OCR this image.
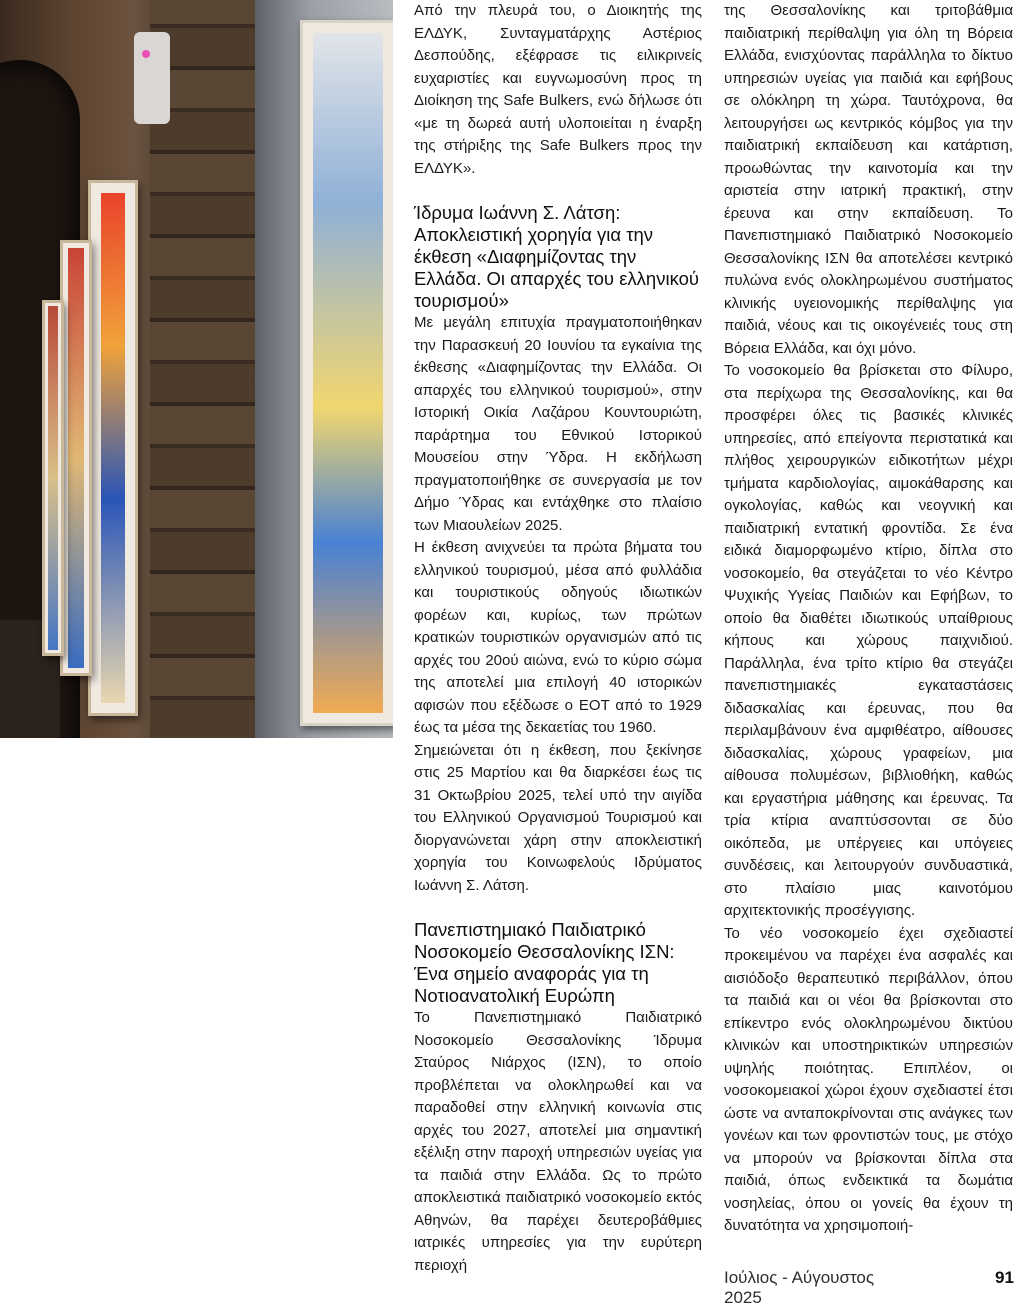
Από την πλευρά του, ο Διοικητής της ΕΛΔΥΚ, Συνταγματάρχης Αστέριος Δεσπούδης, εξέφρασε τις ειλικρινείς ευχαριστίες και ευγνωμοσύνη προς τη Διοίκηση της Safe Bulkers, ενώ δήλωσε ότι «με τη δωρεά αυτή υλοποιείται η έναρξη της στήριξης της Safe Bulkers προς την ΕΛΔΥΚ».

Ίδρυμα Ιωάννη Σ. Λάτση: Αποκλειστική χορηγία για την έκθεση «Διαφημίζοντας την Ελλάδα. Οι απαρχές του ελληνικού τουρισμού»

Με μεγάλη επιτυχία πραγματοποιήθηκαν την Παρασκευή 20 Ιουνίου τα εγκαίνια της έκθεσης «Διαφημίζοντας την Ελλάδα. Οι απαρχές του ελληνικού τουρισμού», στην Ιστορική Οικία Λαζάρου Κουντουριώτη, παράρτημα του Εθνικού Ιστορικού Μουσείου στην Ύδρα. Η εκδήλωση πραγματοποιήθηκε σε συνεργασία με τον Δήμο Ύδρας και εντάχθηκε στο πλαίσιο των Μιαουλείων 2025.

Η έκθεση ανιχνεύει τα πρώτα βήματα του ελληνικού τουρισμού, μέσα από φυλλάδια και τουριστικούς οδηγούς ιδιωτικών φορέων και, κυρίως, των πρώτων κρατικών τουριστικών οργανισμών από τις αρχές του 20ού αιώνα, ενώ το κύριο σώμα της αποτελεί μια επιλογή 40 ιστορικών αφισών που εξέδωσε ο ΕΟΤ από το 1929 έως τα μέσα της δεκαετίας του 1960.

Σημειώνεται ότι η έκθεση, που ξεκίνησε στις 25 Μαρτίου και θα διαρκέσει έως τις 31 Οκτωβρίου 2025, τελεί υπό την αιγίδα του Ελληνικού Οργανισμού Τουρισμού και διοργανώνεται χάρη στην αποκλειστική χορηγία του Κοινωφελούς Ιδρύματος Ιωάννη Σ. Λάτση.

Πανεπιστημιακό Παιδιατρικό Νοσοκομείο Θεσσαλονίκης ΙΣΝ: Ένα σημείο αναφοράς για τη Νοτιοανατολική Ευρώπη

Το Πανεπιστημιακό Παιδιατρικό Νοσοκομείο Θεσσαλονίκης Ίδρυμα Σταύρος Νιάρχος (ΙΣΝ), το οποίο προβλέπεται να ολοκληρωθεί και να παραδοθεί στην ελληνική κοινωνία στις αρχές του 2027, αποτελεί μια σημαντική εξέλιξη στην παροχή υπηρεσιών υγείας για τα παιδιά στην Ελλάδα. Ως το πρώτο αποκλειστικά παιδιατρικό νοσοκομείο εκτός Αθηνών, θα παρέχει δευτεροβάθμιες ιατρικές υπηρεσίες για την ευρύτερη περιοχή

της Θεσσαλονίκης και τριτοβάθμια παιδιατρική περίθαλψη για όλη τη Βόρεια Ελλάδα, ενισχύοντας παράλληλα το δίκτυο υπηρεσιών υγείας για παιδιά και εφήβους σε ολόκληρη τη χώρα. Ταυτόχρονα, θα λειτουργήσει ως κεντρικός κόμβος για την παιδιατρική εκπαίδευση και κατάρτιση, προωθώντας την καινοτομία και την αριστεία στην ιατρική πρακτική, στην έρευνα και στην εκπαίδευση. Το Πανεπιστημιακό Παιδιατρικό Νοσοκομείο Θεσσαλονίκης ΙΣΝ θα αποτελέσει κεντρικό πυλώνα ενός ολοκληρωμένου συστήματος κλινικής υγειονομικής περίθαλψης για παιδιά, νέους και τις οικογένειές τους στη Βόρεια Ελλάδα, και όχι μόνο.

Το νοσοκομείο θα βρίσκεται στο Φίλυρο, στα περίχωρα της Θεσσαλονίκης, και θα προσφέρει όλες τις βασικές κλινικές υπηρεσίες, από επείγοντα περιστατικά και πλήθος χειρουργικών ειδικοτήτων μέχρι τμήματα καρδιολογίας, αιμοκάθαρσης και ογκολογίας, καθώς και νεογνική και παιδιατρική εντατική φροντίδα. Σε ένα ειδικά διαμορφωμένο κτίριο, δίπλα στο νοσοκομείο, θα στεγάζεται το νέο Κέντρο Ψυχικής Υγείας Παιδιών και Εφήβων, το οποίο θα διαθέτει ιδιωτικούς υπαίθριους κήπους και χώρους παιχνιδιού. Παράλληλα, ένα τρίτο κτίριο θα στεγάζει πανεπιστημιακές εγκαταστάσεις διδασκαλίας και έρευνας, που θα περιλαμβάνουν ένα αμφιθέατρο, αίθουσες διδασκαλίας, χώρους γραφείων, μια αίθουσα πολυμέσων, βιβλιοθήκη, καθώς και εργαστήρια μάθησης και έρευνας. Τα τρία κτίρια αναπτύσσονται σε δύο οικόπεδα, με υπέργειες και υπόγειες συνδέσεις, και λειτουργούν συνδυαστικά, στο πλαίσιο μιας καινοτόμου αρχιτεκτονικής προσέγγισης.

Το νέο νοσοκομείο έχει σχεδιαστεί προκειμένου να παρέχει ένα ασφαλές και αισιόδοξο θεραπευτικό περιβάλλον, όπου τα παιδιά και οι νέοι θα βρίσκονται στο επίκεντρο ενός ολοκληρωμένου δικτύου κλινικών και υποστηρικτικών υπηρεσιών υψηλής ποιότητας. Επιπλέον, οι νοσοκομειακοί χώροι έχουν σχεδιαστεί έτσι ώστε να ανταποκρίνονται στις ανάγκες των γονέων και των φροντιστών τους, με στόχο να μπορούν να βρίσκονται δίπλα στα παιδιά, όπως ενδεικτικά τα δωμάτια νοσηλείας, όπου οι γονείς θα έχουν τη δυνατότητα να χρησιμοποιή-

Ιούλιος - Αύγουστος 2025
91
